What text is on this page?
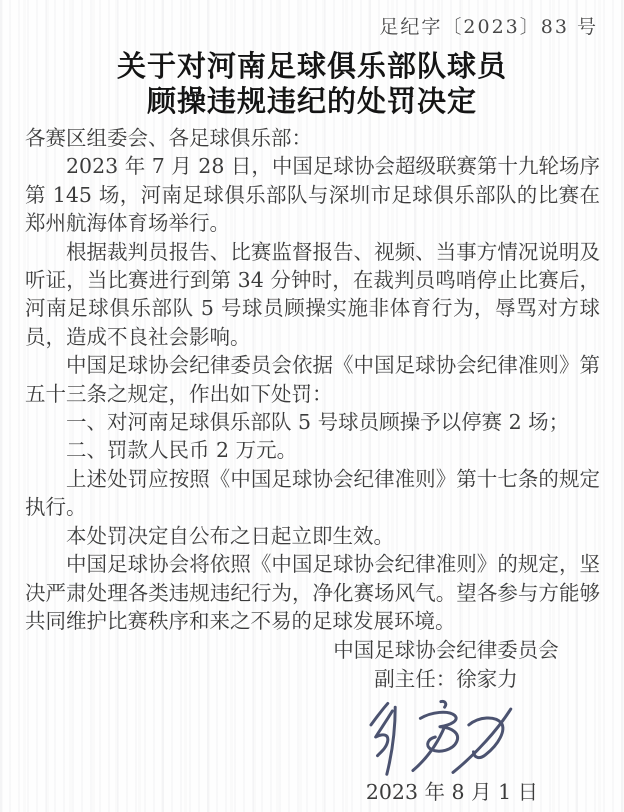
足纪字〔2023〕83 号
关于对河南足球俱乐部队球员
顾操违规违纪的处罚决定

各赛区组委会、各足球俱乐部：

2023 年 7 月 28 日，中国足球协会超级联赛第十九轮场序第 145 场，河南足球俱乐部队与深圳市足球俱乐部队的比赛在郑州航海体育场举行。

根据裁判员报告、比赛监督报告、视频、当事方情况说明及听证，当比赛进行到第 34 分钟时，在裁判员鸣哨停止比赛后，河南足球俱乐部队 5 号球员顾操实施非体育行为，辱骂对方球员，造成不良社会影响。

中国足球协会纪律委员会依据《中国足球协会纪律准则》第五十三条之规定，作出如下处罚：

一、对河南足球俱乐部队 5 号球员顾操予以停赛 2 场；

二、罚款人民币 2 万元。

上述处罚应按照《中国足球协会纪律准则》第十七条的规定执行。

本处罚决定自公布之日起立即生效。

中国足球协会将依照《中国足球协会纪律准则》的规定，坚决严肃处理各类违规违纪行为，净化赛场风气。望各参与方能够共同维护比赛秩序和来之不易的足球发展环境。

中国足球协会纪律委员会
副主任：徐家力
2023 年 8 月 1 日
